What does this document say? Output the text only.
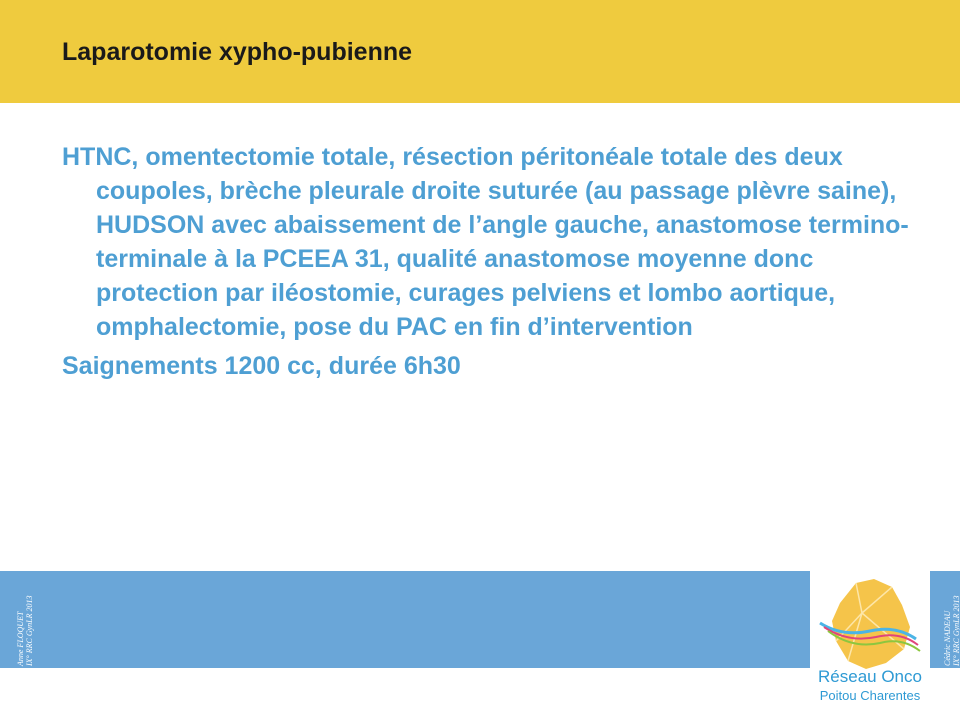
Laparotomie xypho-pubienne

HTNC, omentectomie totale, résection péritonéale totale des deux coupoles, brèche pleurale droite suturée (au passage plèvre saine), HUDSON avec abaissement de l’angle gauche, anastomose termino-terminale à la PCEEA 31, qualité anastomose moyenne donc protection par iléostomie, curages pelviens et lombo aortique, omphalectomie, pose du PAC en fin d’intervention

Saignements 1200 cc, durée 6h30

Anne FLOQUET IX° RRC GynLR 2013	Cédric NADEAU IX° RRC GynLR 2013
Réseau Onco
Poitou Charentes
